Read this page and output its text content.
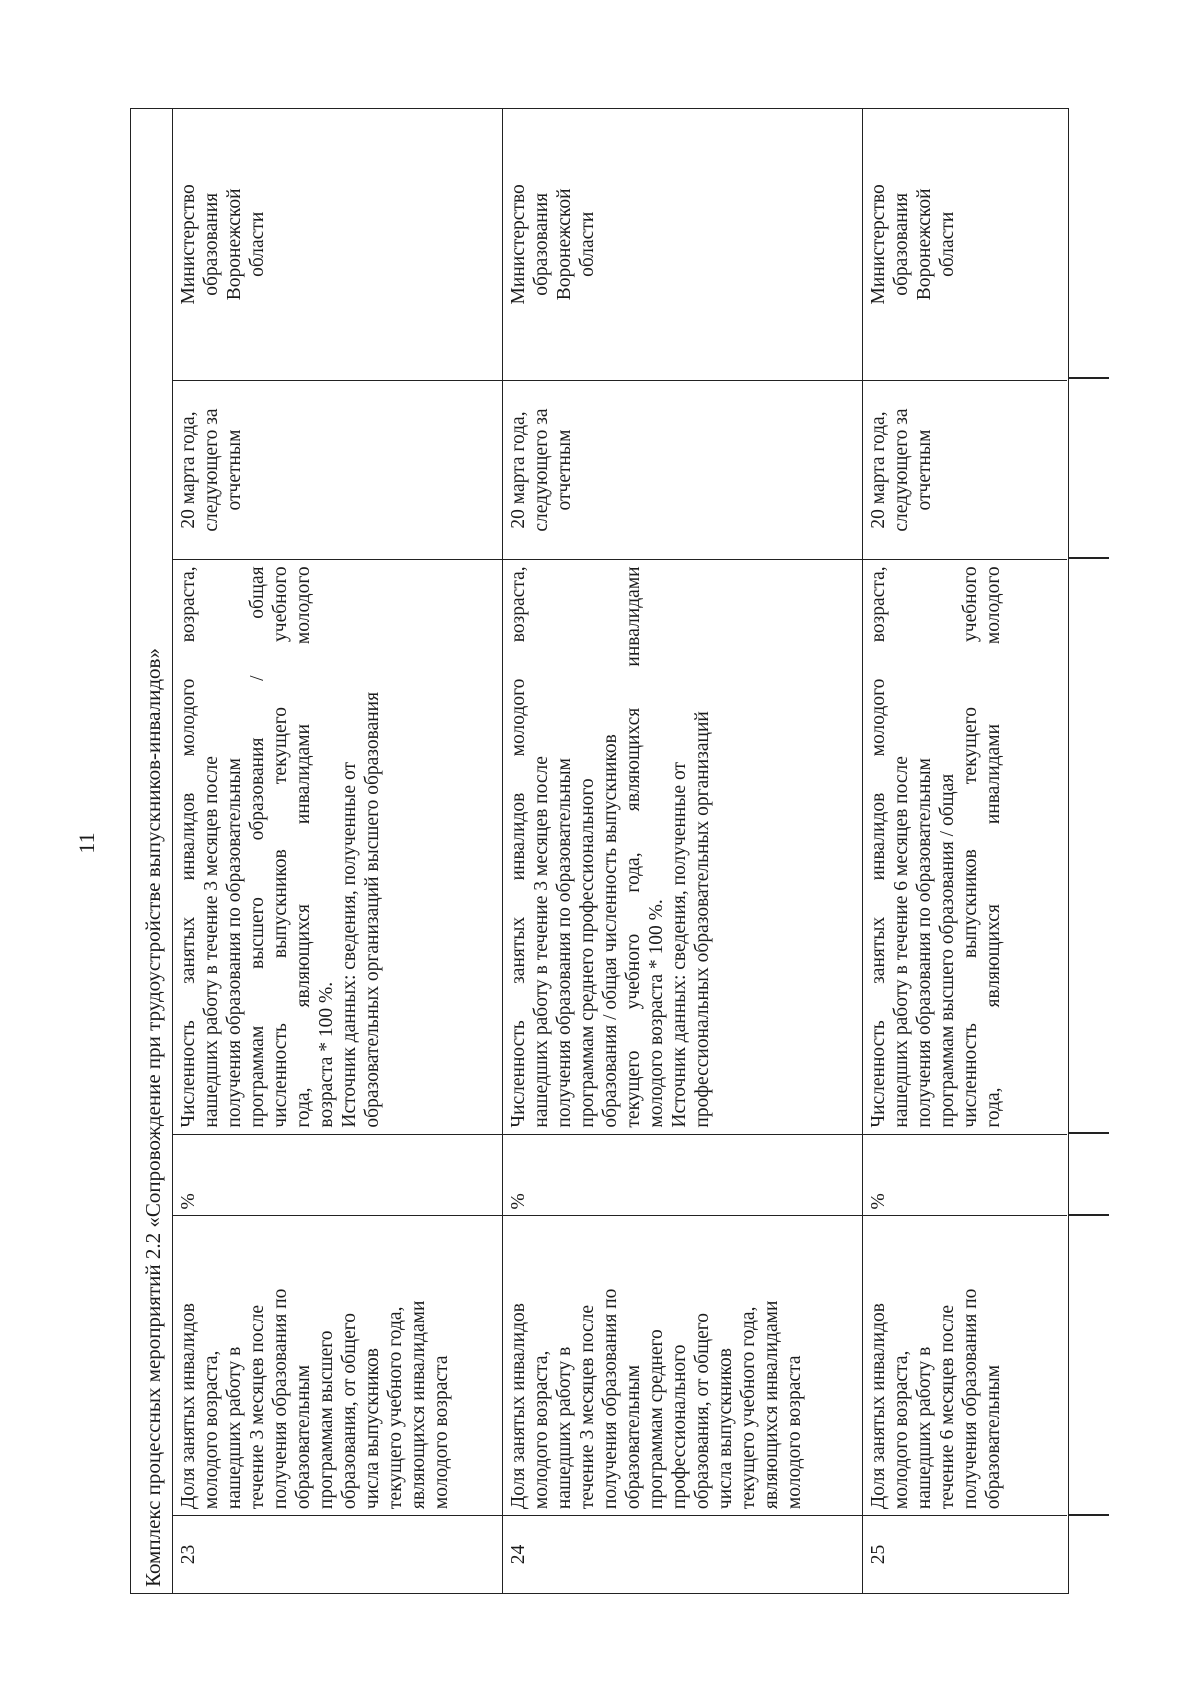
11	Комплекс процессных мероприятий 2.2 «Сопровождение при трудоустройстве выпускников-инвалидов» 23
Доля занятых инвалидов молодого возраста, нашедших работу в течение 3 месяцев после получения образования по образовательным программам высшего образования, от общего числа выпускников текущего учебного года, являющихся инвалидами молодого возраста
%
Численность занятых инвалидов молодого возраста, нашедших работу в течение 3 месяцев после получения образования по образовательным программам высшего образования / общая численность выпускников текущего учебного года, являющихся инвалидами молодого возраста * 100 %. Источник данных: сведения, полученные от образовательных организаций высшего образования
20 марта года, следующего за отчетным
Министерство образования Воронежской области
24
Доля занятых инвалидов молодого возраста, нашедших работу в течение 3 месяцев после получения образования по образовательным программам среднего профессионального образования, от общего числа выпускников текущего учебного года, являющихся инвалидами молодого возраста
%
Численность занятых инвалидов молодого возраста, нашедших работу в течение 3 месяцев после получения образования по образовательным программам среднего профессионального образования / общая численность выпускников текущего учебного года, являющихся инвалидами молодого возраста * 100 %. Источник данных: сведения, полученные от профессиональных образовательных организаций
20 марта года, следующего за отчетным
Министерство образования Воронежской области
25
Доля занятых инвалидов молодого возраста, нашедших работу в течение 6 месяцев после получения образования по образовательным
%
Численность занятых инвалидов молодого возраста, нашедших работу в течение 6 месяцев после получения образования по образовательным программам высшего образования / общая численность выпускников текущего учебного года, являющихся инвалидами молодого
20 марта года, следующего за отчетным
Министерство образования Воронежской области
